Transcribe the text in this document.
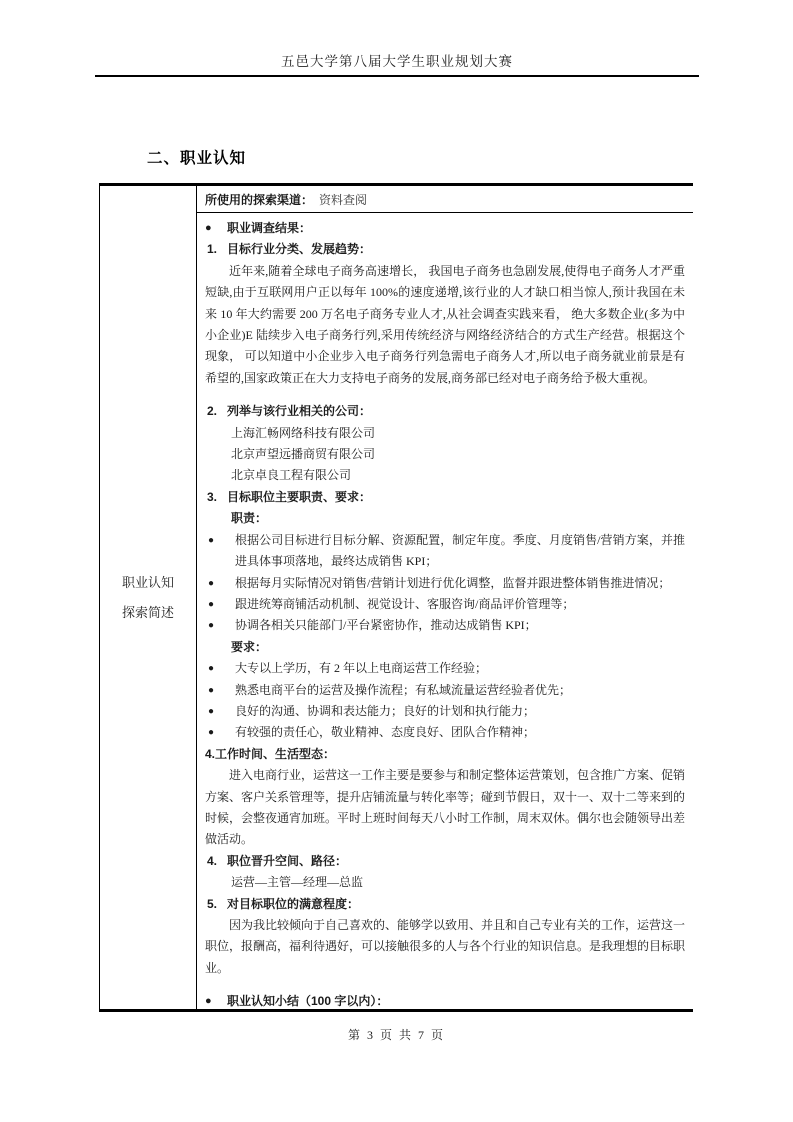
五邑大学第八届大学生职业规划大赛
二、职业认知
职业认知
探索简述
所使用的探索渠道： 资料查阅
●	职业调查结果：
1. 目标行业分类、发展趋势：
近年来,随着全球电子商务高速增长， 我国电子商务也急剧发展,使得电子商务人才严重短缺,由于互联网用户正以每年 100%的速度递增,该行业的人才缺口相当惊人,预计我国在未来 10 年大约需要 200 万名电子商务专业人才,从社会调查实践来看， 绝大多数企业(多为中小企业)E 陆续步入电子商务行列,采用传统经济与网络经济结合的方式生产经营。根据这个现象， 可以知道中小企业步入电子商务行列急需电子商务人才,所以电子商务就业前景是有希望的,国家政策正在大力支持电子商务的发展,商务部已经对电子商务给予极大重视。
2. 列举与该行业相关的公司：
上海汇畅网络科技有限公司
北京声望远播商贸有限公司
北京卓良工程有限公司
3. 目标职位主要职责、要求：
职责：
●	根据公司目标进行目标分解、资源配置，制定年度。季度、月度销售/营销方案，并推进具体事项落地，最终达成销售 KPI；
●	根据每月实际情况对销售/营销计划进行优化调整，监督并跟进整体销售推进情况；
●	跟进统筹商铺活动机制、视觉设计、客服咨询/商品评价管理等；
●	协调各相关只能部门/平台紧密协作，推动达成销售 KPI；
要求：
●	大专以上学历，有 2 年以上电商运营工作经验；
●	熟悉电商平台的运营及操作流程；有私域流量运营经验者优先；
●	良好的沟通、协调和表达能力；良好的计划和执行能力；
●	有较强的责任心，敬业精神、态度良好、团队合作精神；
4.工作时间、生活型态：
进入电商行业，运营这一工作主要是要参与和制定整体运营策划，包含推广方案、促销方案、客户关系管理等，提升店铺流量与转化率等；碰到节假日，双十一、双十二等来到的时候，会整夜通宵加班。平时上班时间每天八小时工作制，周末双休。偶尔也会随领导出差做活动。
4. 职位晋升空间、路径：
运营—主管—经理—总监
5. 对目标职位的满意程度：
因为我比较倾向于自己喜欢的、能够学以致用、并且和自己专业有关的工作，运营这一职位，报酬高，福利待遇好，可以接触很多的人与各个行业的知识信息。是我理想的目标职业。
●	职业认知小结（100 字以内）：
第 3 页 共 7 页
